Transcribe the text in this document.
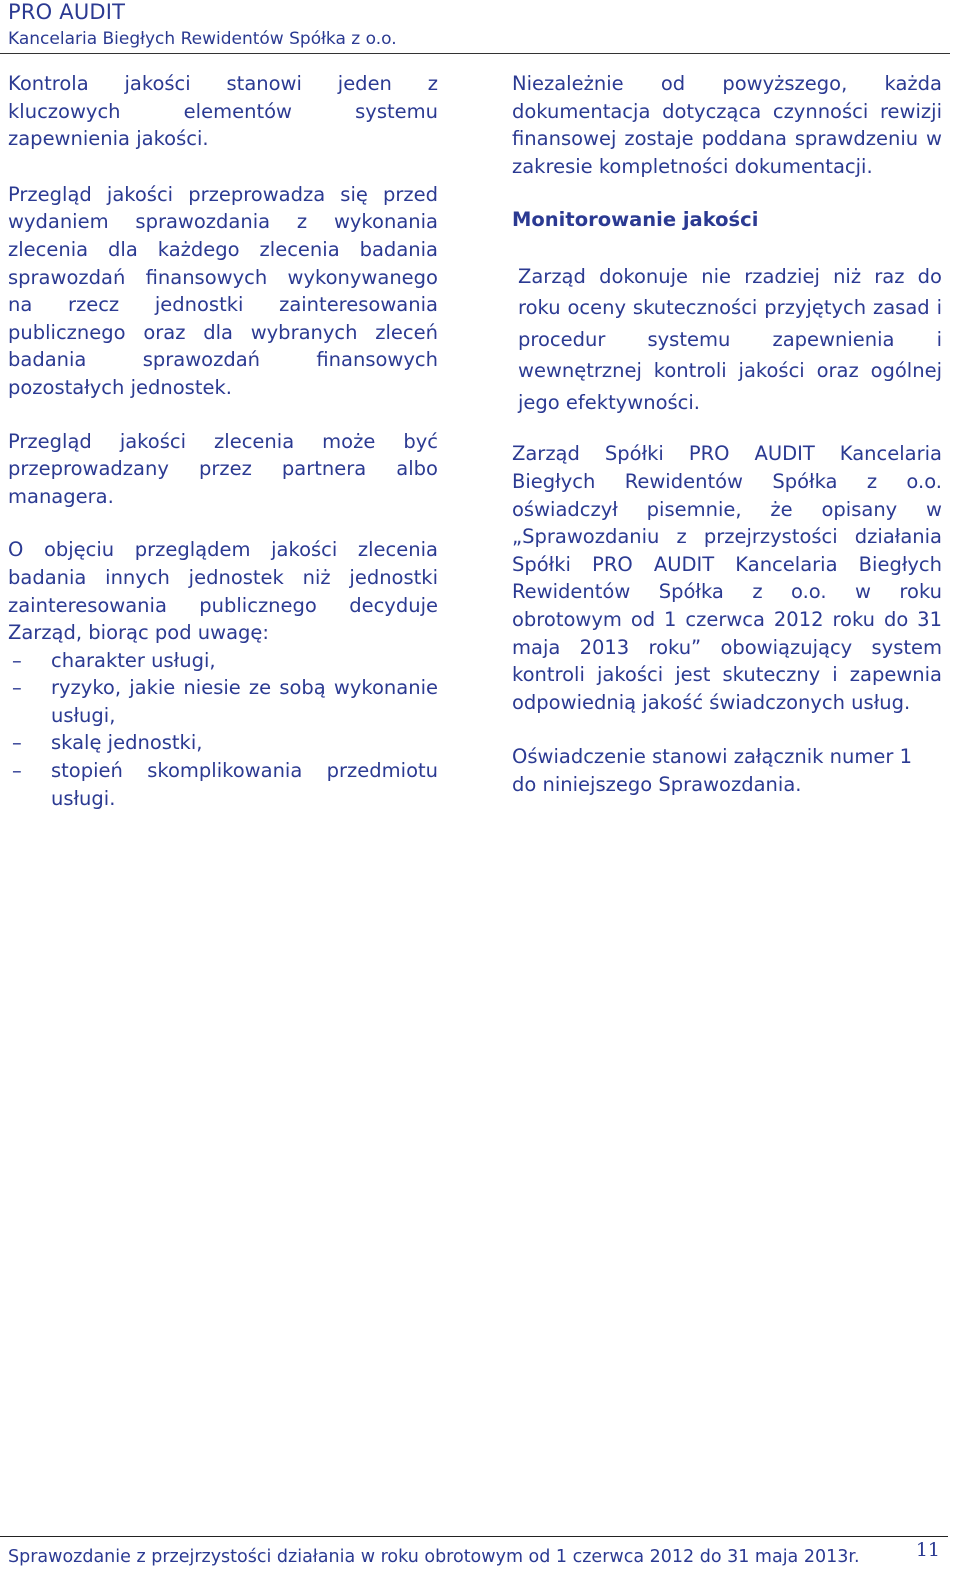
PRO AUDIT

Kancelaria Biegłych Rewidentów Spółka z o.o.

Kontrola jakości stanowi jeden z kluczowych elementów systemu zapewnienia jakości.

Przegląd jakości przeprowadza się przed wydaniem sprawozdania z wykonania zlecenia dla każdego zlecenia badania sprawozdań finansowych wykonywanego na rzecz jednostki zainteresowania publicznego oraz dla wybranych zleceń badania sprawozdań finansowych pozostałych jednostek.

Przegląd jakości zlecenia może być przeprowadzany przez partnera albo managera.

O objęciu przeglądem jakości zlecenia badania innych jednostek niż jednostki zainteresowania publicznego decyduje Zarząd, biorąc pod uwagę:

– charakter usługi,
– ryzyko, jakie niesie ze sobą wykonanie usługi,
– skalę jednostki,
– stopień skomplikowania przedmiotu usługi.

Niezależnie od powyższego, każda dokumentacja dotycząca czynności rewizji finansowej zostaje poddana sprawdzeniu w zakresie kompletności dokumentacji.

Monitorowanie jakości

Zarząd dokonuje nie rzadziej niż raz do roku oceny skuteczności przyjętych zasad i procedur systemu zapewnienia i wewnętrznej kontroli jakości oraz ogólnej jego efektywności.

Zarząd Spółki PRO AUDIT Kancelaria Biegłych Rewidentów Spółka z o.o. oświadczył pisemnie, że opisany w „Sprawozdaniu z przejrzystości działania Spółki PRO AUDIT Kancelaria Biegłych Rewidentów Spółka z o.o. w roku obrotowym od 1 czerwca 2012 roku do 31 maja 2013 roku” obowiązujący system kontroli jakości jest skuteczny i zapewnia odpowiednią jakość świadczonych usług.

Oświadczenie stanowi załącznik numer 1 do niniejszego Sprawozdania.

Sprawozdanie z przejrzystości działania w roku obrotowym od 1 czerwca 2012 do 31 maja 2013r.	11
